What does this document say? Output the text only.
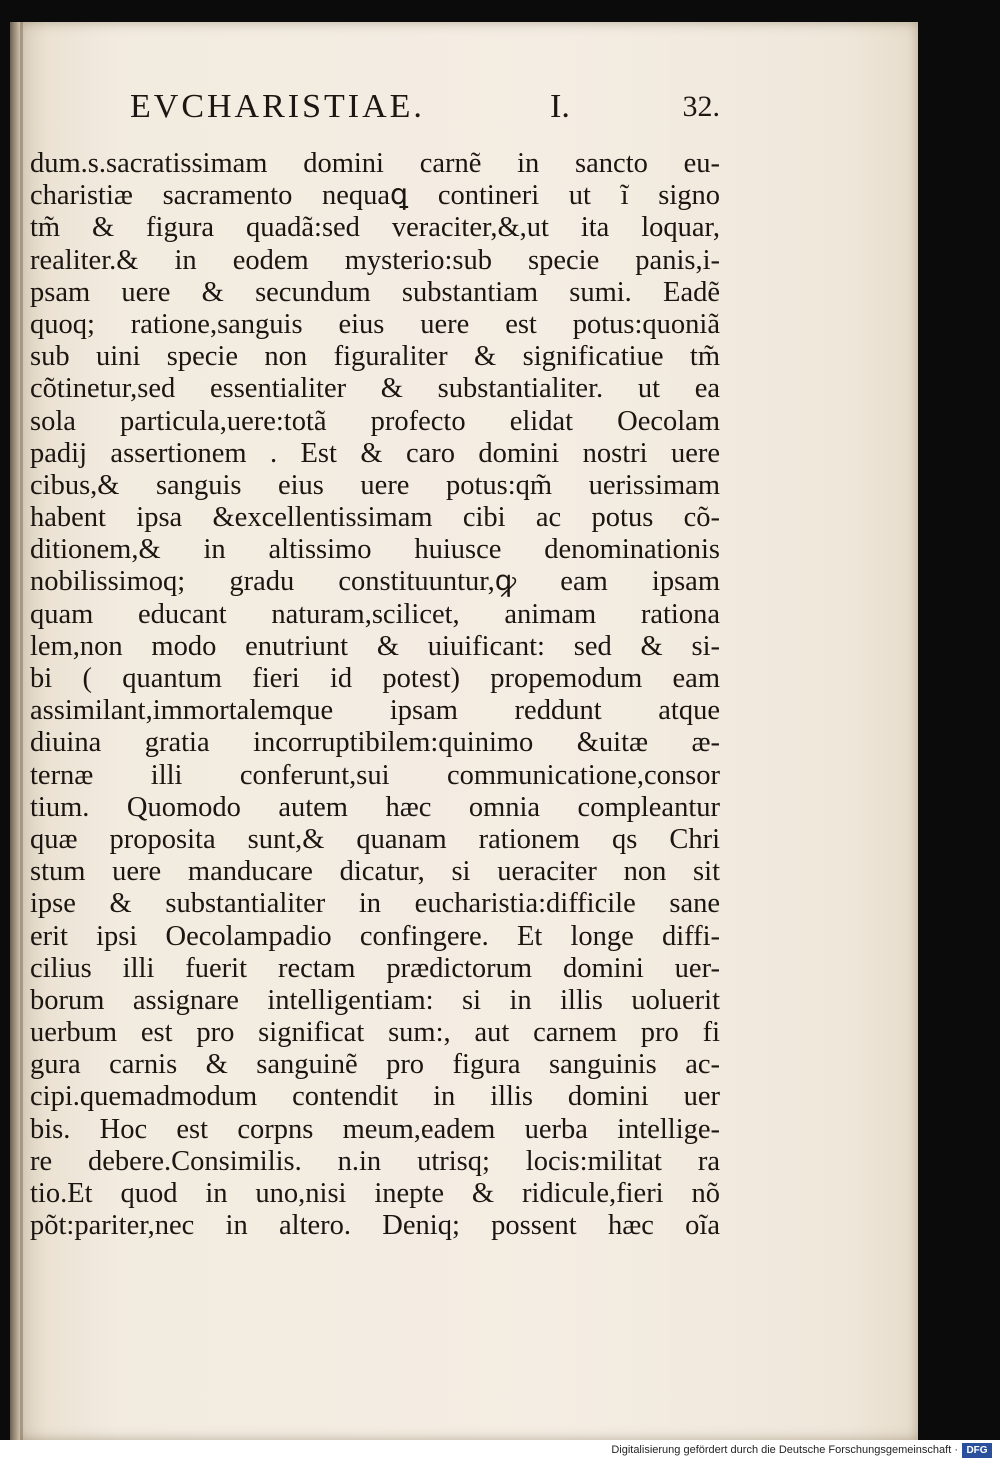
EVCHARISTIAE.	I.	32.
dum.s.sacratissimam domini carnẽ in sancto eu-
charistiæ sacramento nequaꝗ contineri ut ĩ signo
tm̃ & figura quadã:sed veraciter,&,ut ita loquar,
realiter.& in eodem mysterio:sub specie panis,i-
psam uere & secundum substantiam sumi. Eadẽ
quoq; ratione,sanguis eius uere est potus:quoniã
sub uini specie non figuraliter & significatiue tm̃
cõtinetur,sed essentialiter & substantialiter. ut ea
sola particula,uere:totã profecto elidat Oecolam
padij assertionem . Est & caro domini nostri uere
cibus,& sanguis eius uere potus:qm̃ uerissimam
habent ipsa &excellentissimam cibi ac potus cõ-
ditionem,& in altissimo huiusce denominationis
nobilissimoq; gradu constituuntur,ꝙ eam ipsam
quam educant naturam,scilicet, animam rationa
lem,non modo enutriunt & uiuificant: sed & si-
bi ( quantum fieri id potest) propemodum eam
assimilant,immortalemque ipsam reddunt atque
diuina gratia incorruptibilem:quinimo &uitæ æ-
ternæ illi conferunt,sui communicatione,consor
tium. Quomodo autem hæc omnia compleantur
quæ proposita sunt,& quanam rationem qs Chri
stum uere manducare dicatur, si ueraciter non sit
ipse & substantialiter in eucharistia:difficile sane
erit ipsi Oecolampadio confingere. Et longe diffi-
cilius illi fuerit rectam prædictorum domini uer-
borum assignare intelligentiam: si in illis uoluerit
uerbum est pro significat sum:, aut carnem pro fi
gura carnis & sanguinẽ pro figura sanguinis ac-
cipi.quemadmodum contendit in illis domini uer
bis. Hoc est corpns meum,eadem uerba intellige-
re debere.Consimilis. n.in utrisq; locis:militat ra
tio.Et quod in uno,nisi inepte & ridicule,fieri nõ
põt:pariter,nec in altero. Deniq; possent hæc oĩa
Digitalisierung gefördert durch die Deutsche Forschungsgemeinschaft · DFG
